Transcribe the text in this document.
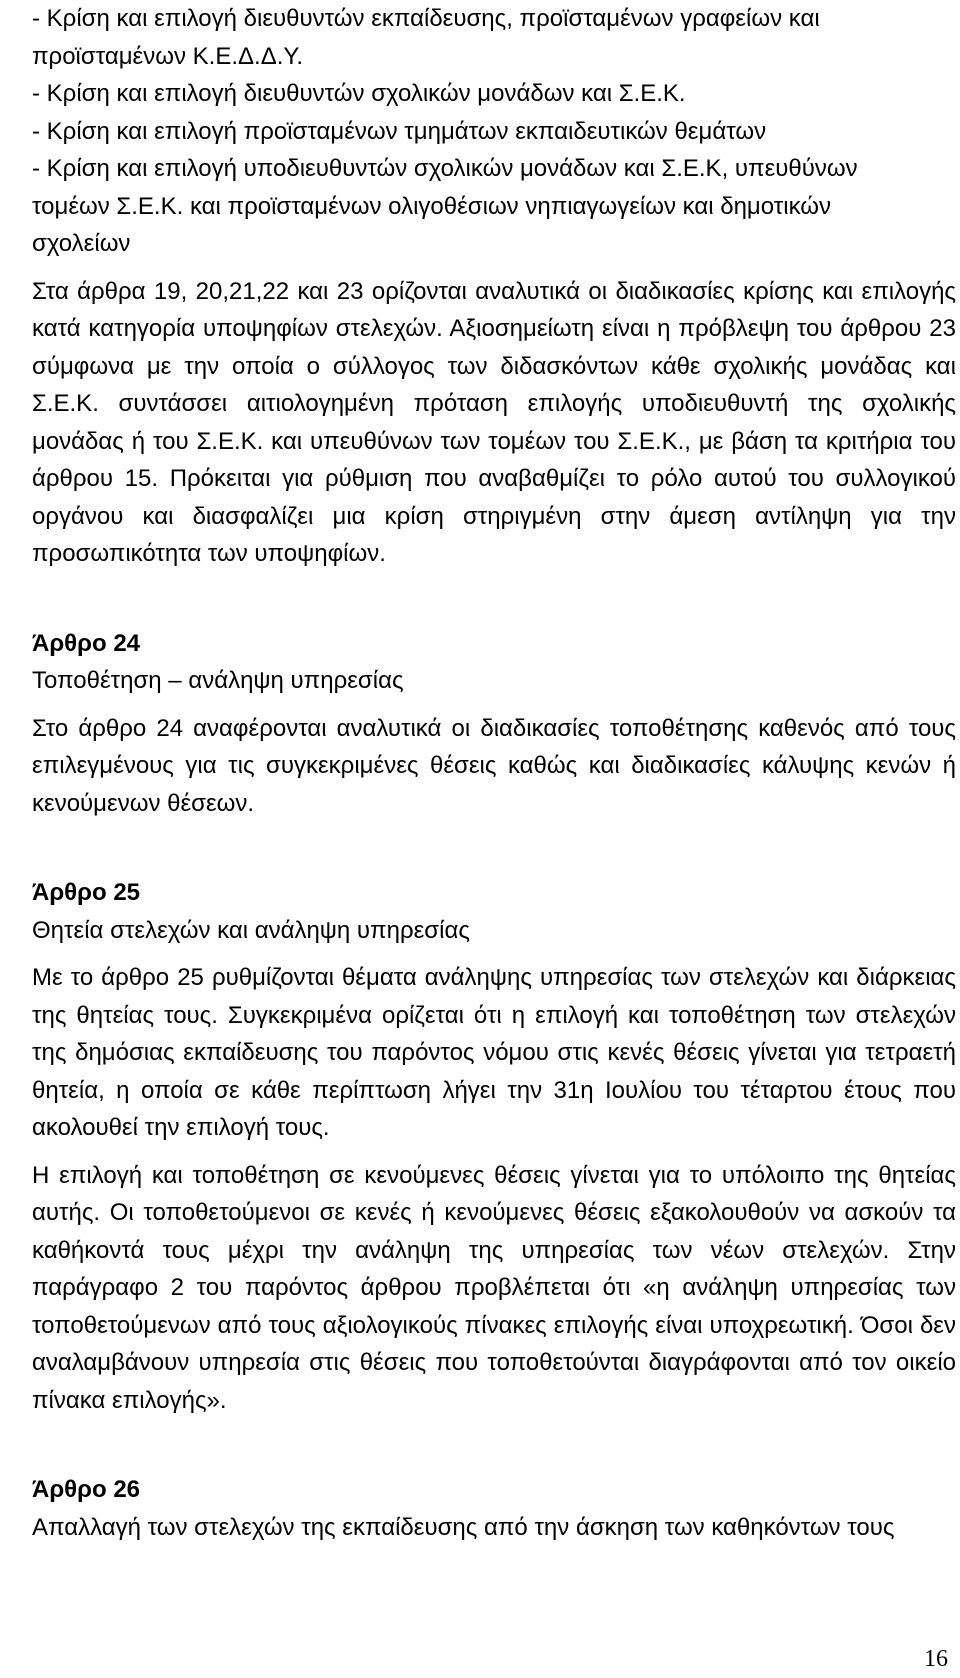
- Κρίση και επιλογή διευθυντών εκπαίδευσης, προϊσταμένων γραφείων και

προϊσταμένων Κ.Ε.Δ.Δ.Υ.

- Κρίση και επιλογή διευθυντών σχολικών μονάδων και Σ.Ε.Κ.

- Κρίση και επιλογή προϊσταμένων τμημάτων εκπαιδευτικών θεμάτων

- Κρίση και επιλογή υποδιευθυντών σχολικών μονάδων και Σ.Ε.Κ, υπευθύνων

τομέων Σ.Ε.Κ. και προϊσταμένων ολιγοθέσιων νηπιαγωγείων και δημοτικών

σχολείων

Στα άρθρα 19, 20,21,22 και 23 ορίζονται αναλυτικά οι διαδικασίες κρίσης και επιλογής κατά κατηγορία υποψηφίων στελεχών. Αξιοσημείωτη είναι η πρόβλεψη του άρθρου 23 σύμφωνα με την οποία ο σύλλογος των διδασκόντων κάθε σχολικής μονάδας και Σ.Ε.Κ. συντάσσει αιτιολογημένη πρόταση επιλογής υποδιευθυντή της σχολικής μονάδας ή του Σ.Ε.Κ. και υπευθύνων των τομέων του Σ.Ε.Κ., με βάση τα κριτήρια του άρθρου 15. Πρόκειται για ρύθμιση που αναβαθμίζει το ρόλο αυτού του συλλογικού οργάνου και διασφαλίζει μια κρίση στηριγμένη στην άμεση αντίληψη για την προσωπικότητα των υποψηφίων.

Άρθρο 24

Τοποθέτηση – ανάληψη υπηρεσίας

Στο άρθρο 24 αναφέρονται αναλυτικά οι διαδικασίες τοποθέτησης καθενός από τους επιλεγμένους για τις συγκεκριμένες θέσεις καθώς και διαδικασίες κάλυψης κενών ή κενούμενων θέσεων.

Άρθρο 25

Θητεία στελεχών και ανάληψη υπηρεσίας

Με το άρθρο 25 ρυθμίζονται θέματα ανάληψης υπηρεσίας των στελεχών και διάρκειας της θητείας τους. Συγκεκριμένα ορίζεται ότι η επιλογή και τοποθέτηση των στελεχών της δημόσιας εκπαίδευσης του παρόντος νόμου στις κενές θέσεις γίνεται για τετραετή θητεία, η οποία σε κάθε περίπτωση λήγει την 31η Ιουλίου του τέταρτου έτους που ακολουθεί την επιλογή τους.

Η επιλογή και τοποθέτηση σε κενούμενες θέσεις γίνεται για το υπόλοιπο της θητείας αυτής. Οι τοποθετούμενοι σε κενές ή κενούμενες θέσεις εξακολουθούν να ασκούν τα καθήκοντά τους μέχρι την ανάληψη της υπηρεσίας των νέων στελεχών. Στην παράγραφο 2 του παρόντος άρθρου προβλέπεται ότι «η ανάληψη υπηρεσίας των τοποθετούμενων από τους αξιολογικούς πίνακες επιλογής είναι υποχρεωτική. Όσοι δεν αναλαμβάνουν υπηρεσία στις θέσεις που τοποθετούνται διαγράφονται από τον οικείο πίνακα επιλογής».

Άρθρο 26

Απαλλαγή των στελεχών της εκπαίδευσης από την άσκηση των καθηκόντων τους

16
